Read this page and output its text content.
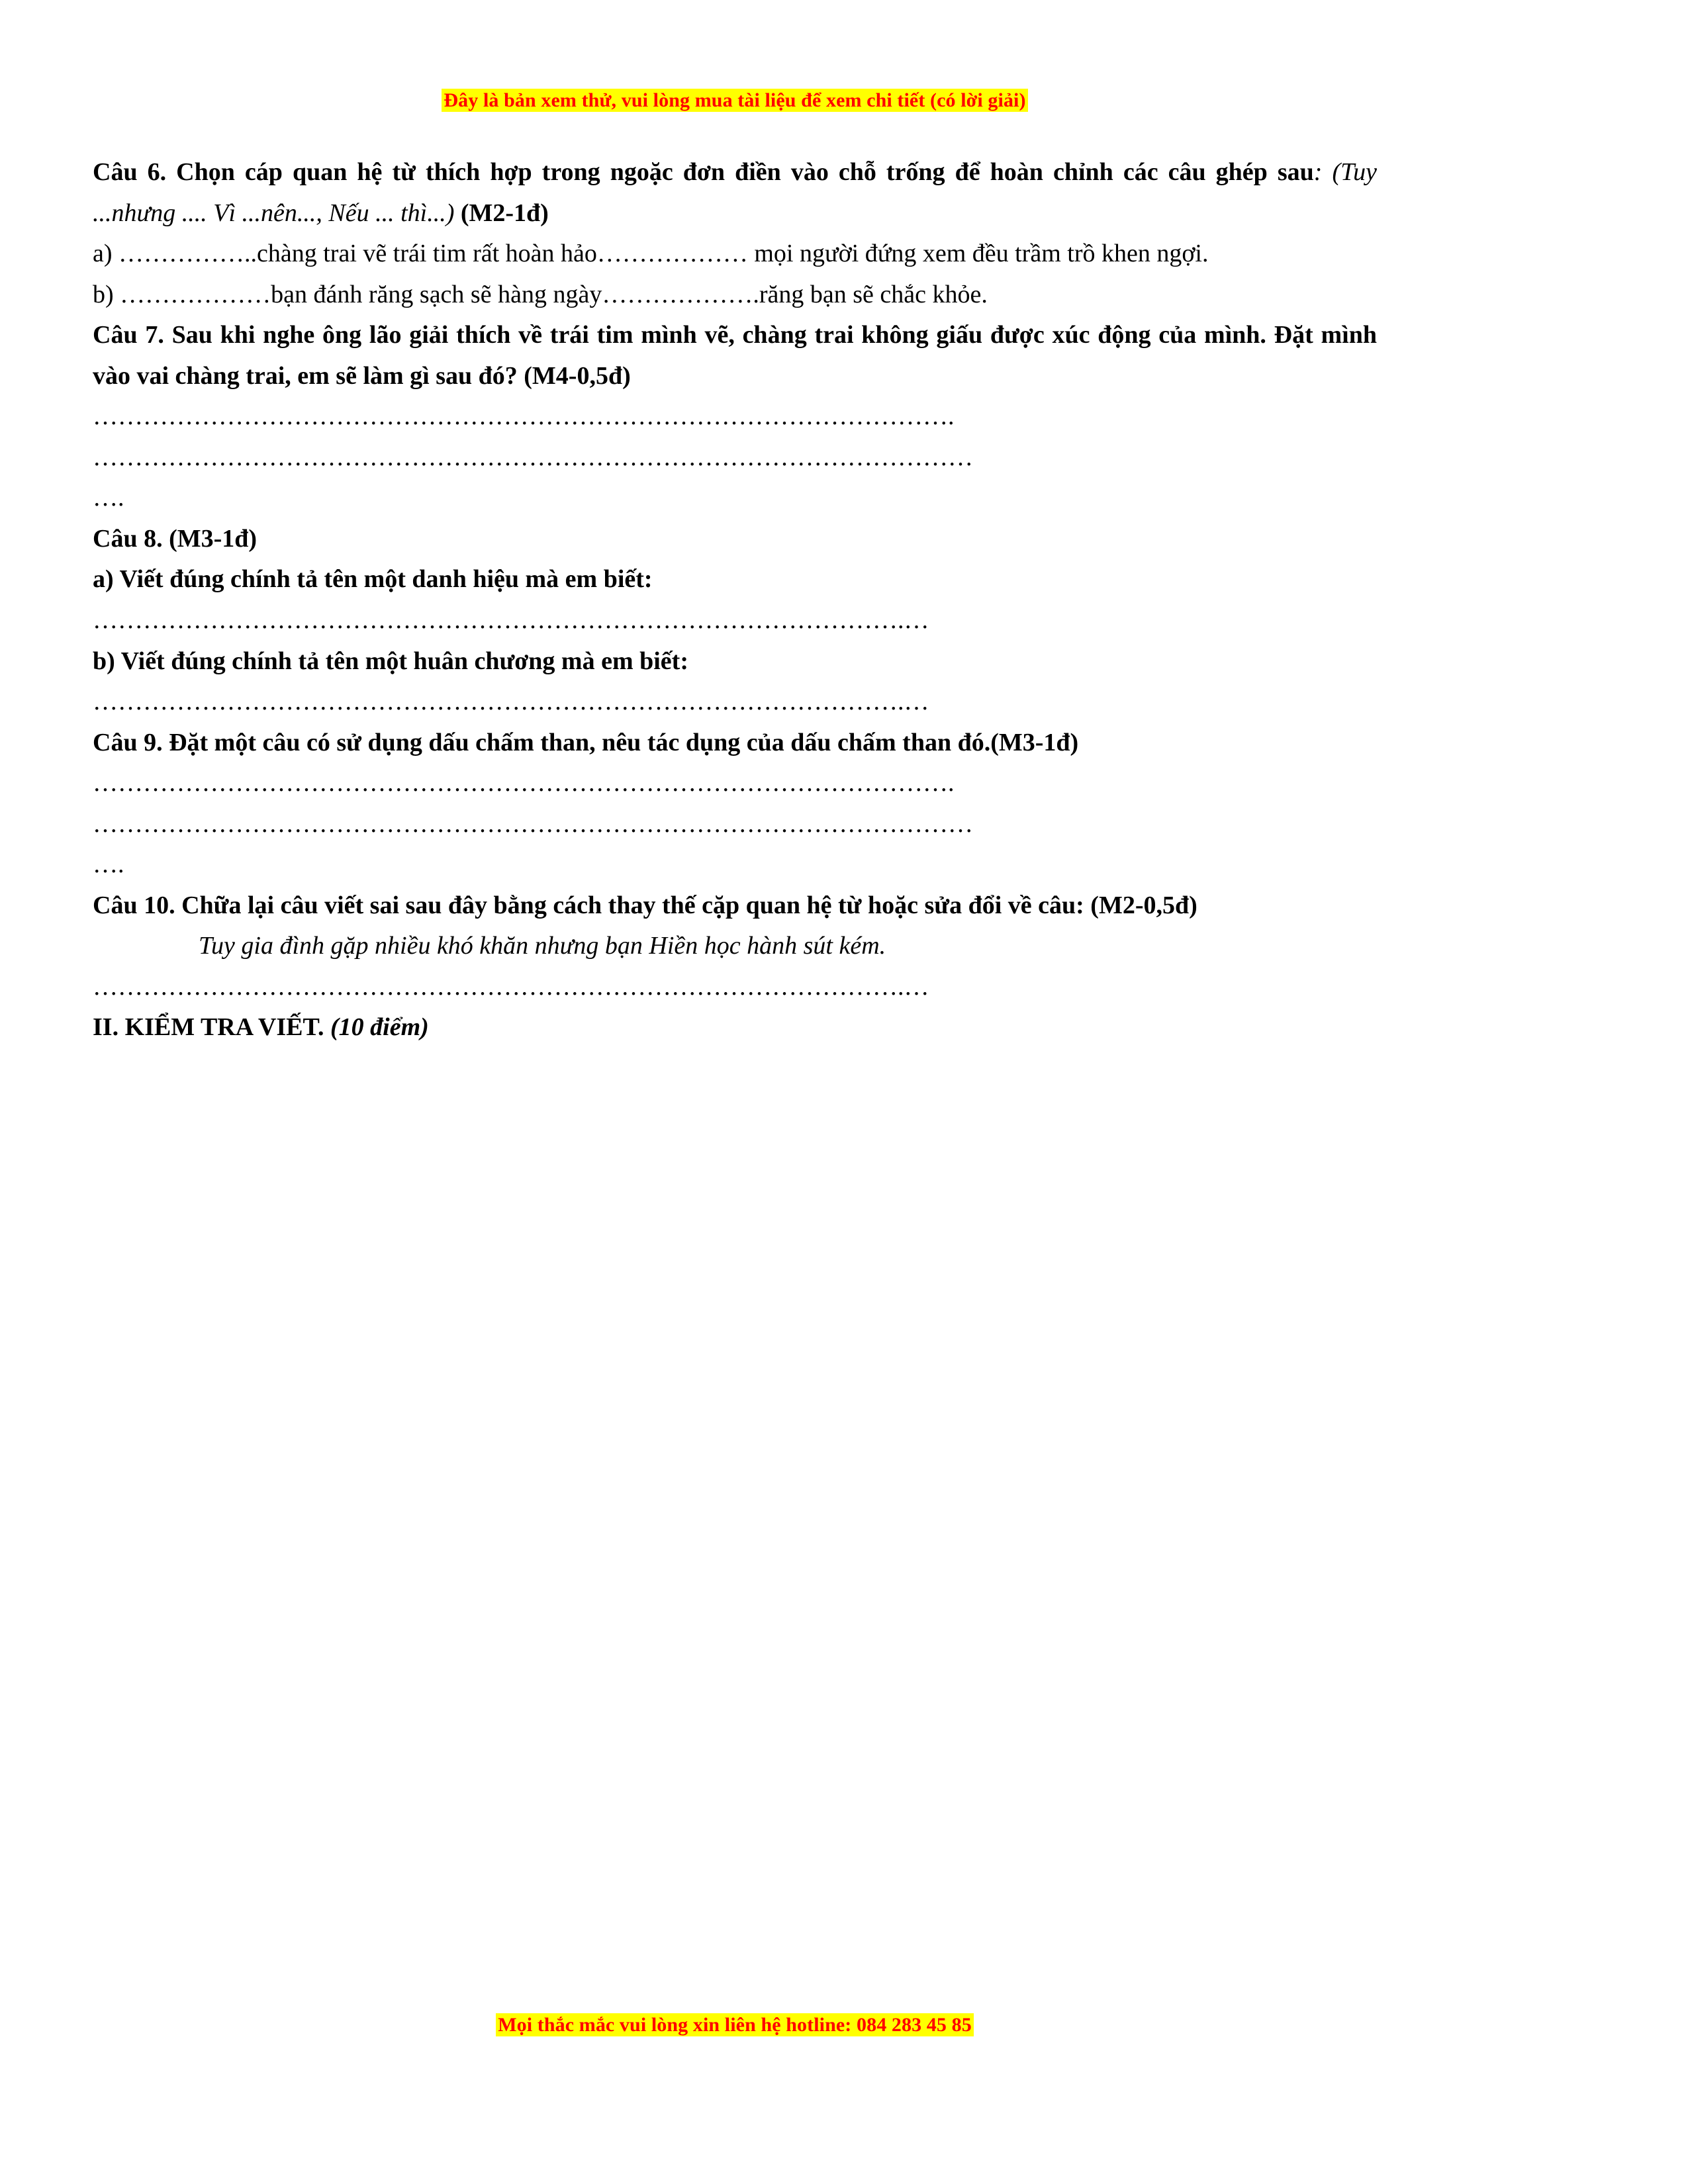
Đây là bản xem thử, vui lòng mua tài liệu để xem chi tiết (có lời giải)

Câu 6. Chọn cáp quan hệ từ thích hợp trong ngoặc đơn điền vào chỗ trống để hoàn chỉnh các câu ghép sau: (Tuy ...nhưng .... Vì ...nên..., Nếu ... thì...) (M2-1đ)

a) ……………..chàng trai vẽ trái tim rất hoàn hảo……………… mọi người đứng xem đều trầm trồ khen ngợi.

b) ………………bạn đánh răng sạch sẽ hàng ngày……………….răng bạn sẽ chắc khỏe.

Câu 7. Sau khi nghe ông lão giải thích về trái tim mình vẽ, chàng trai không giấu được xúc động của mình. Đặt mình vào vai chàng trai, em sẽ làm gì sau đó? (M4-0,5đ)

………………………………………………………………………………………….

……………………………………………………………………………………………

….

Câu 8. (M3-1đ)

a) Viết đúng chính tả tên một danh hiệu mà em biết:

…………………………………………………………………………………….…

b) Viết đúng chính tả tên một huân chương mà em biết:

…………………………………………………………………………………….…

Câu 9. Đặt một câu có sử dụng dấu chấm than, nêu tác dụng của dấu chấm than đó.(M3-1đ)

………………………………………………………………………………………….

……………………………………………………………………………………………

….

Câu 10. Chữa lại câu viết sai sau đây bằng cách thay thế cặp quan hệ từ hoặc sửa đổi về câu: (M2-0,5đ)

Tuy gia đình gặp nhiều khó khăn nhưng bạn Hiền học hành sút kém.

…………………………………………………………………………………….…

II. KIỂM TRA VIẾT. (10 điểm)

Mọi thắc mắc vui lòng xin liên hệ hotline: 084 283 45 85
